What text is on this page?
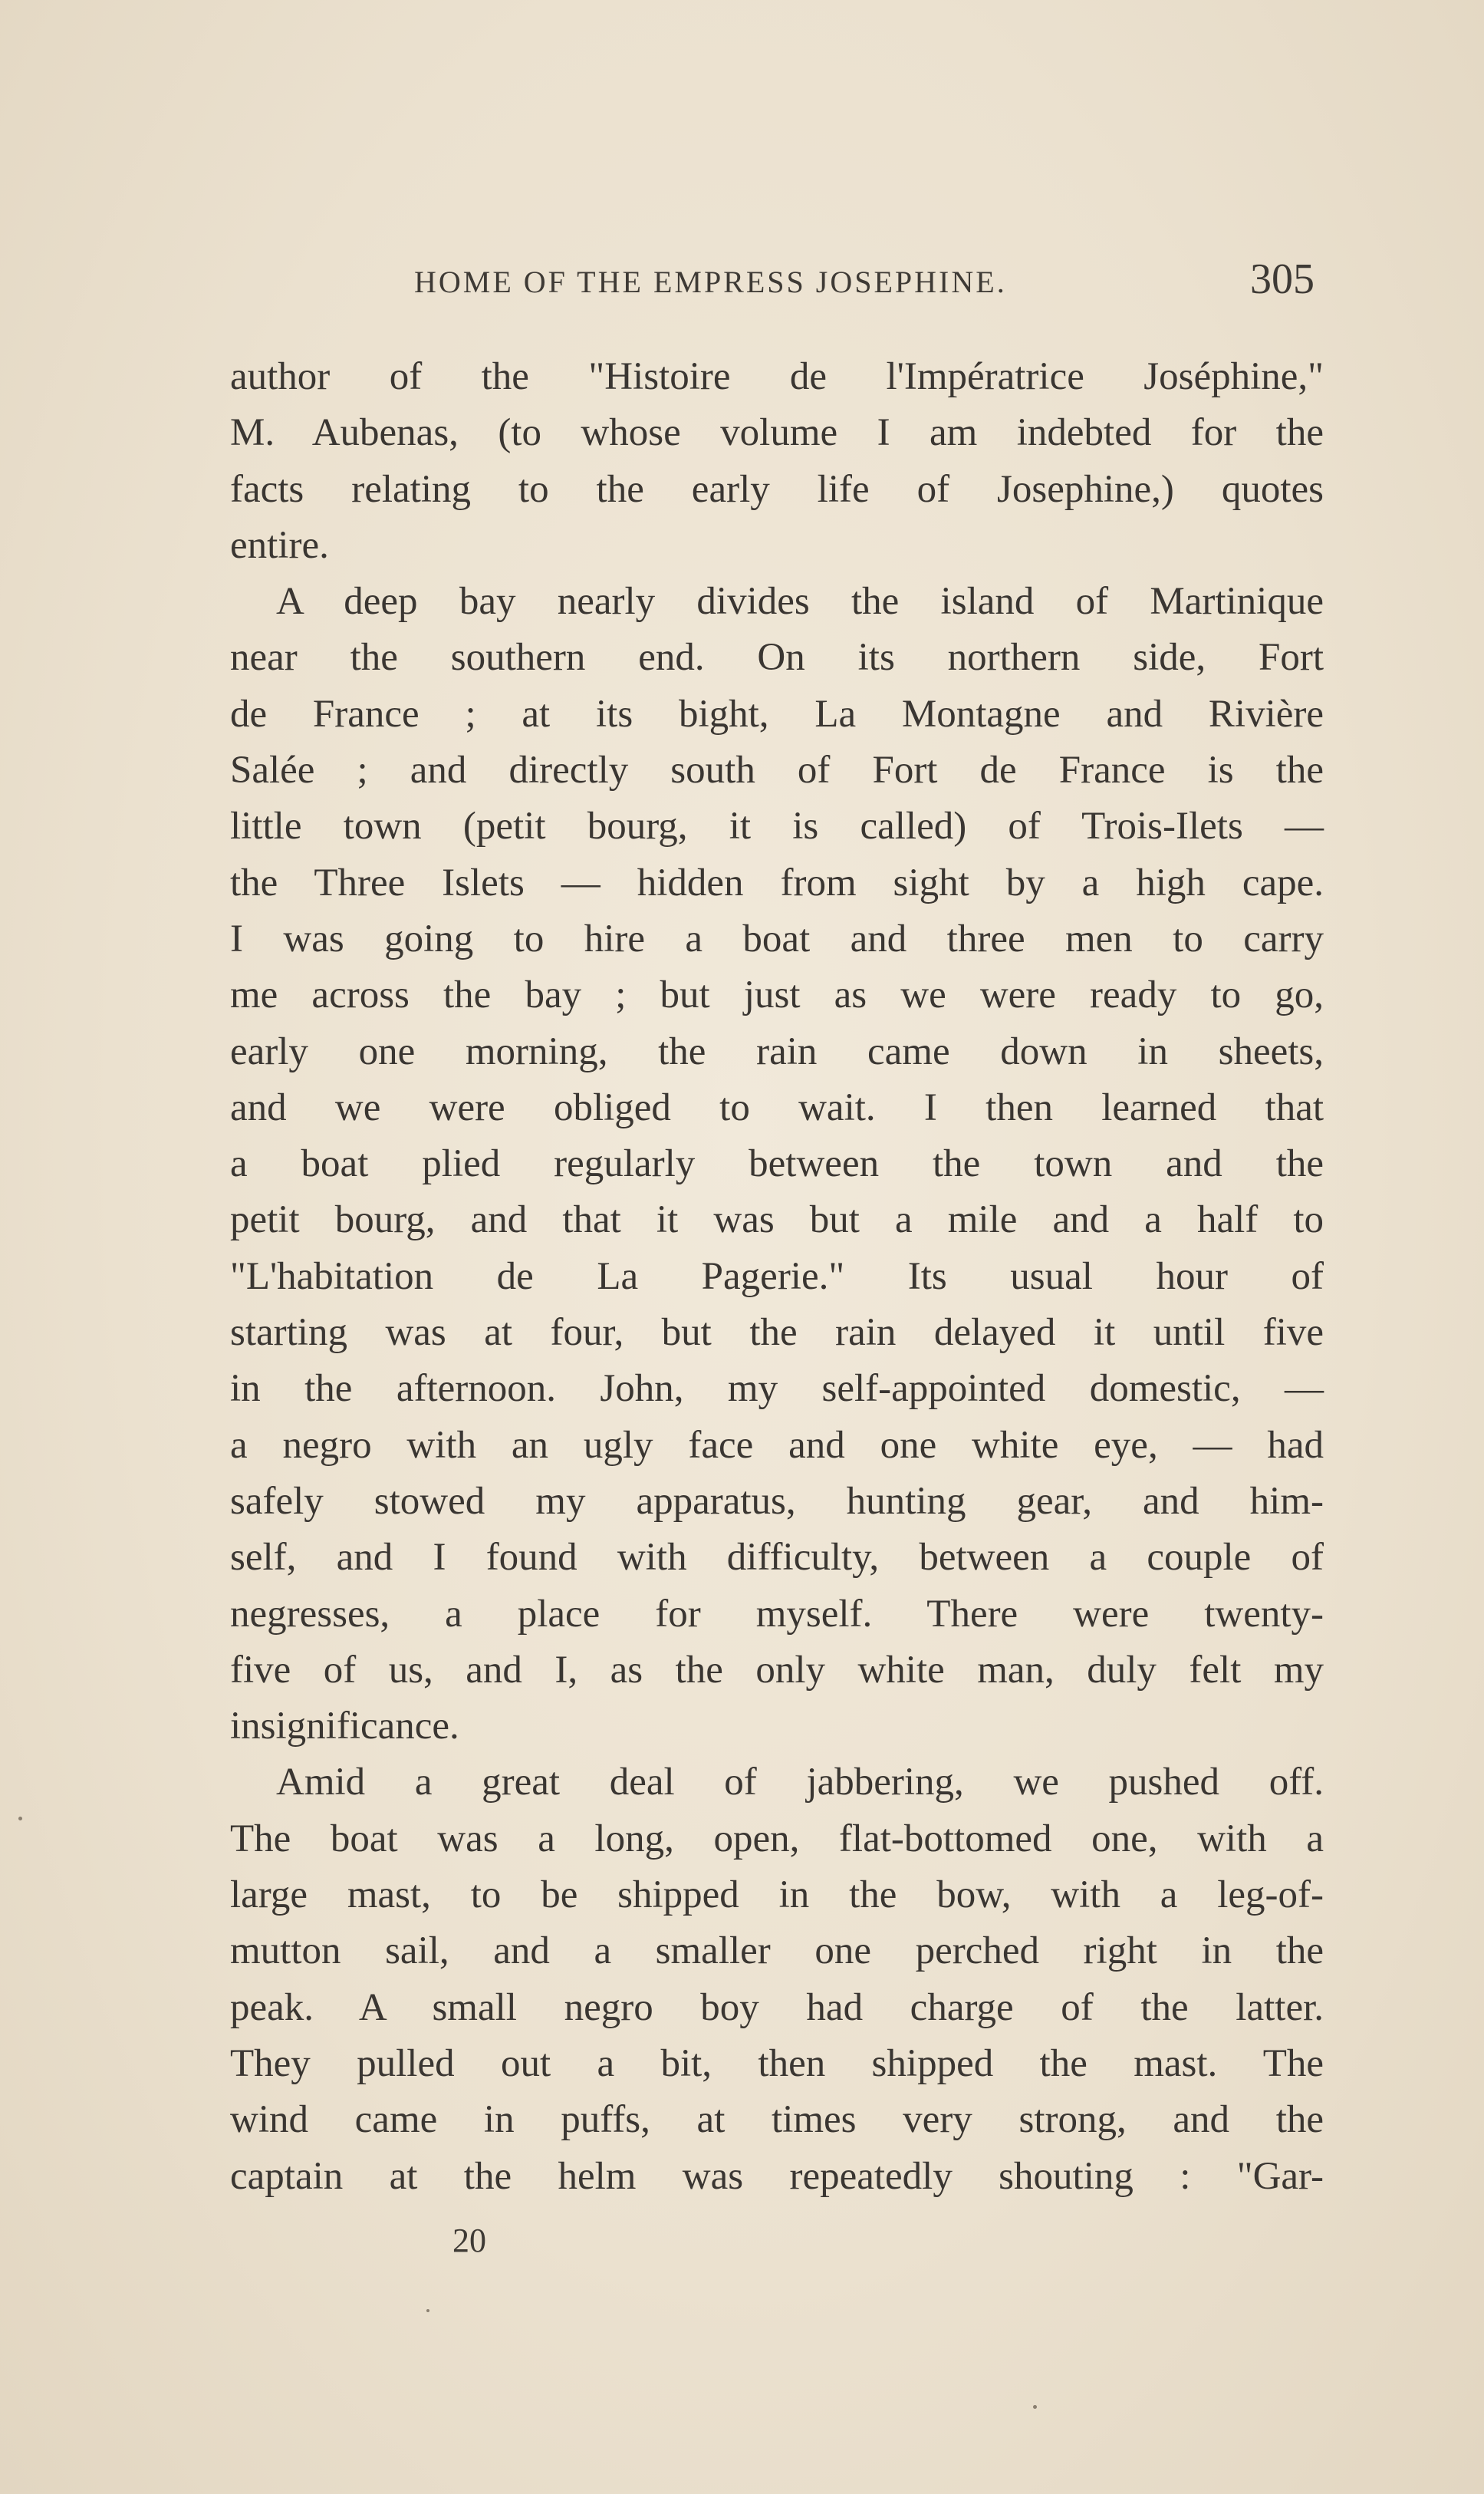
HOME OF THE EMPRESS JOSEPHINE.	305
author of the "Histoire de l'Impératrice Joséphine,"
M. Aubenas, (to whose volume I am indebted for the
facts relating to the early life of Josephine,) quotes
entire.
A deep bay nearly divides the island of Martinique
near the southern end. On its northern side, Fort
de France ; at its bight, La Montagne and Rivière
Salée ; and directly south of Fort de France is the
little town (petit bourg, it is called) of Trois-Ilets —
the Three Islets — hidden from sight by a high cape.
I was going to hire a boat and three men to carry
me across the bay ; but just as we were ready to go,
early one morning, the rain came down in sheets,
and we were obliged to wait. I then learned that
a boat plied regularly between the town and the
petit bourg, and that it was but a mile and a half to
"L'habitation de La Pagerie." Its usual hour of
starting was at four, but the rain delayed it until five
in the afternoon. John, my self-appointed domestic, —
a negro with an ugly face and one white eye, — had
safely stowed my apparatus, hunting gear, and him-
self, and I found with difficulty, between a couple of
negresses, a place for myself. There were twenty-
five of us, and I, as the only white man, duly felt my
insignificance.
Amid a great deal of jabbering, we pushed off.
The boat was a long, open, flat-bottomed one, with a
large mast, to be shipped in the bow, with a leg-of-
mutton sail, and a smaller one perched right in the
peak. A small negro boy had charge of the latter.
They pulled out a bit, then shipped the mast. The
wind came in puffs, at times very strong, and the
captain at the helm was repeatedly shouting : "Gar-
20
